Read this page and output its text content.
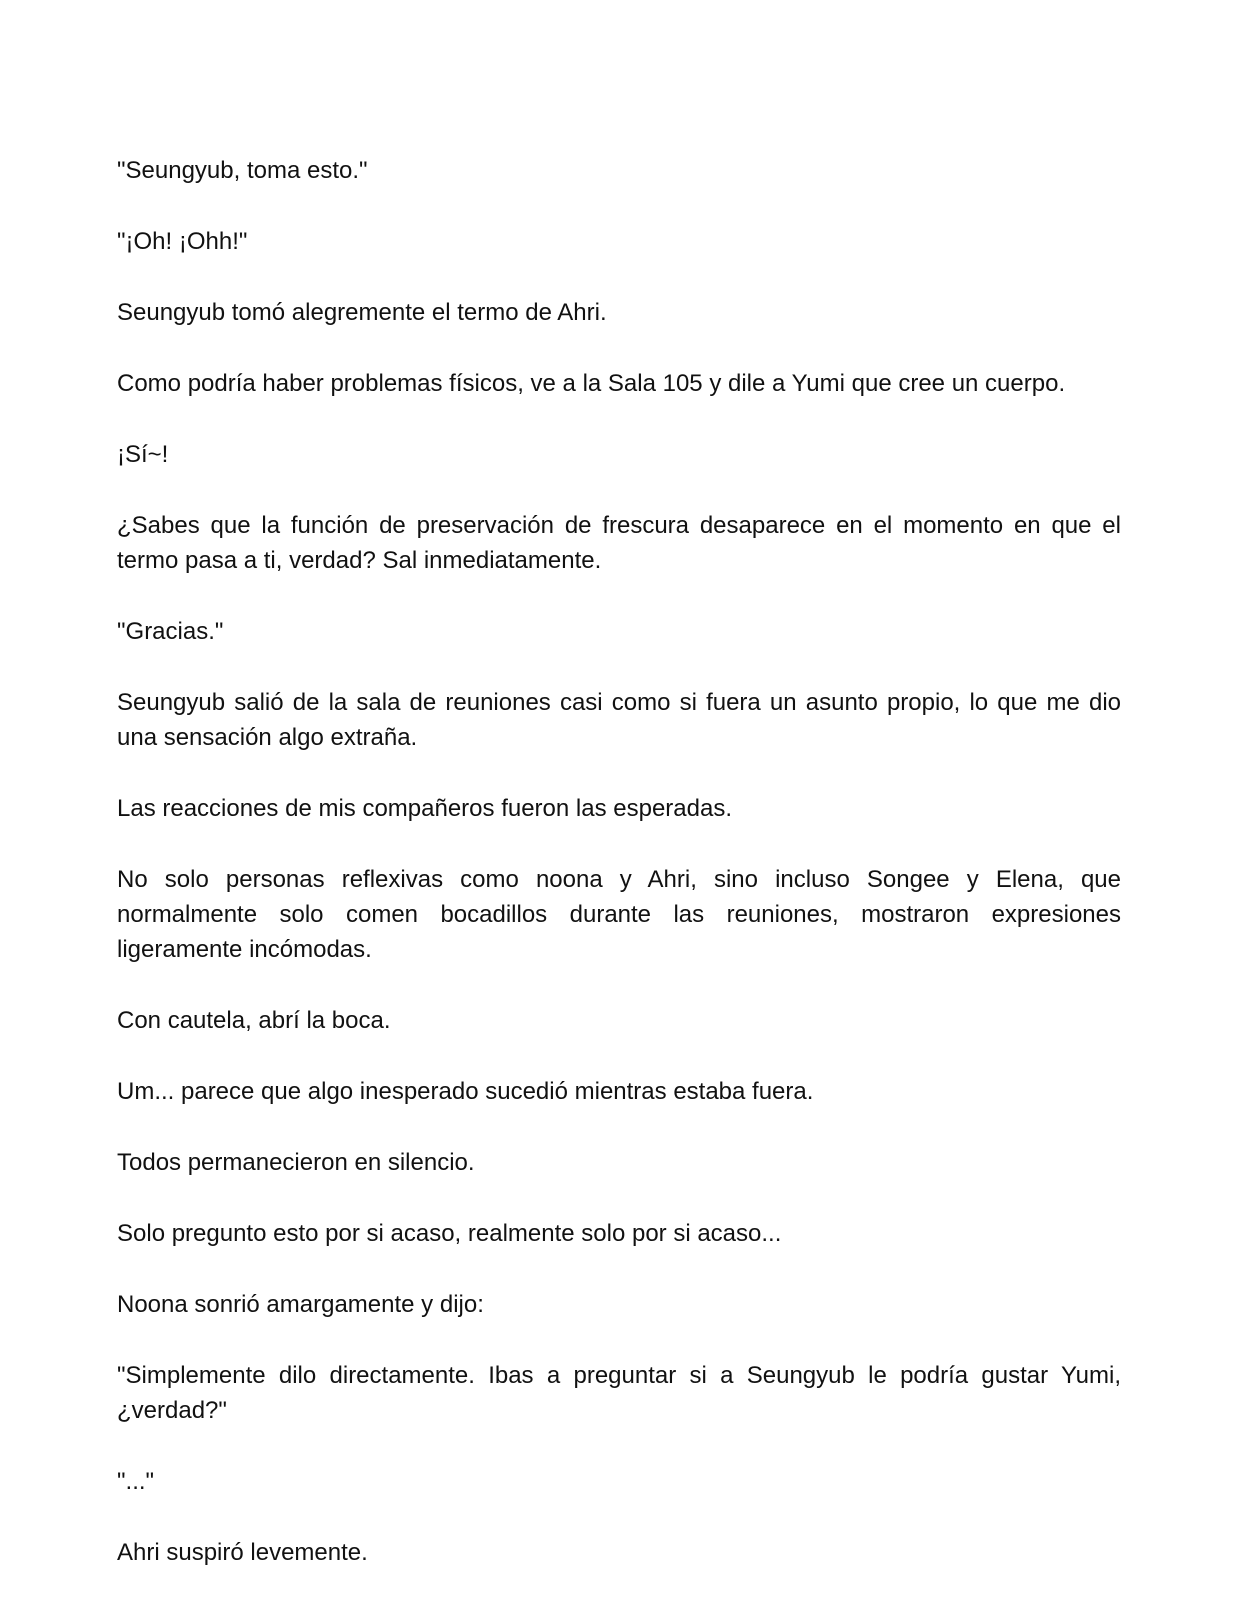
"Seungyub, toma esto."

"¡Oh! ¡Ohh!"

Seungyub tomó alegremente el termo de Ahri.

Como podría haber problemas físicos, ve a la Sala 105 y dile a Yumi que cree un cuerpo.

¡Sí~!

¿Sabes que la función de preservación de frescura desaparece en el momento en que el termo pasa a ti, verdad? Sal inmediatamente.

"Gracias."

Seungyub salió de la sala de reuniones casi como si fuera un asunto propio, lo que me dio una sensación algo extraña.

Las reacciones de mis compañeros fueron las esperadas.

No solo personas reflexivas como noona y Ahri, sino incluso Songee y Elena, que normalmente solo comen bocadillos durante las reuniones, mostraron expresiones ligeramente incómodas.

Con cautela, abrí la boca.

Um... parece que algo inesperado sucedió mientras estaba fuera.

Todos permanecieron en silencio.

Solo pregunto esto por si acaso, realmente solo por si acaso...

Noona sonrió amargamente y dijo:

"Simplemente dilo directamente. Ibas a preguntar si a Seungyub le podría gustar Yumi, ¿verdad?"

"..."

Ahri suspiró levemente.
